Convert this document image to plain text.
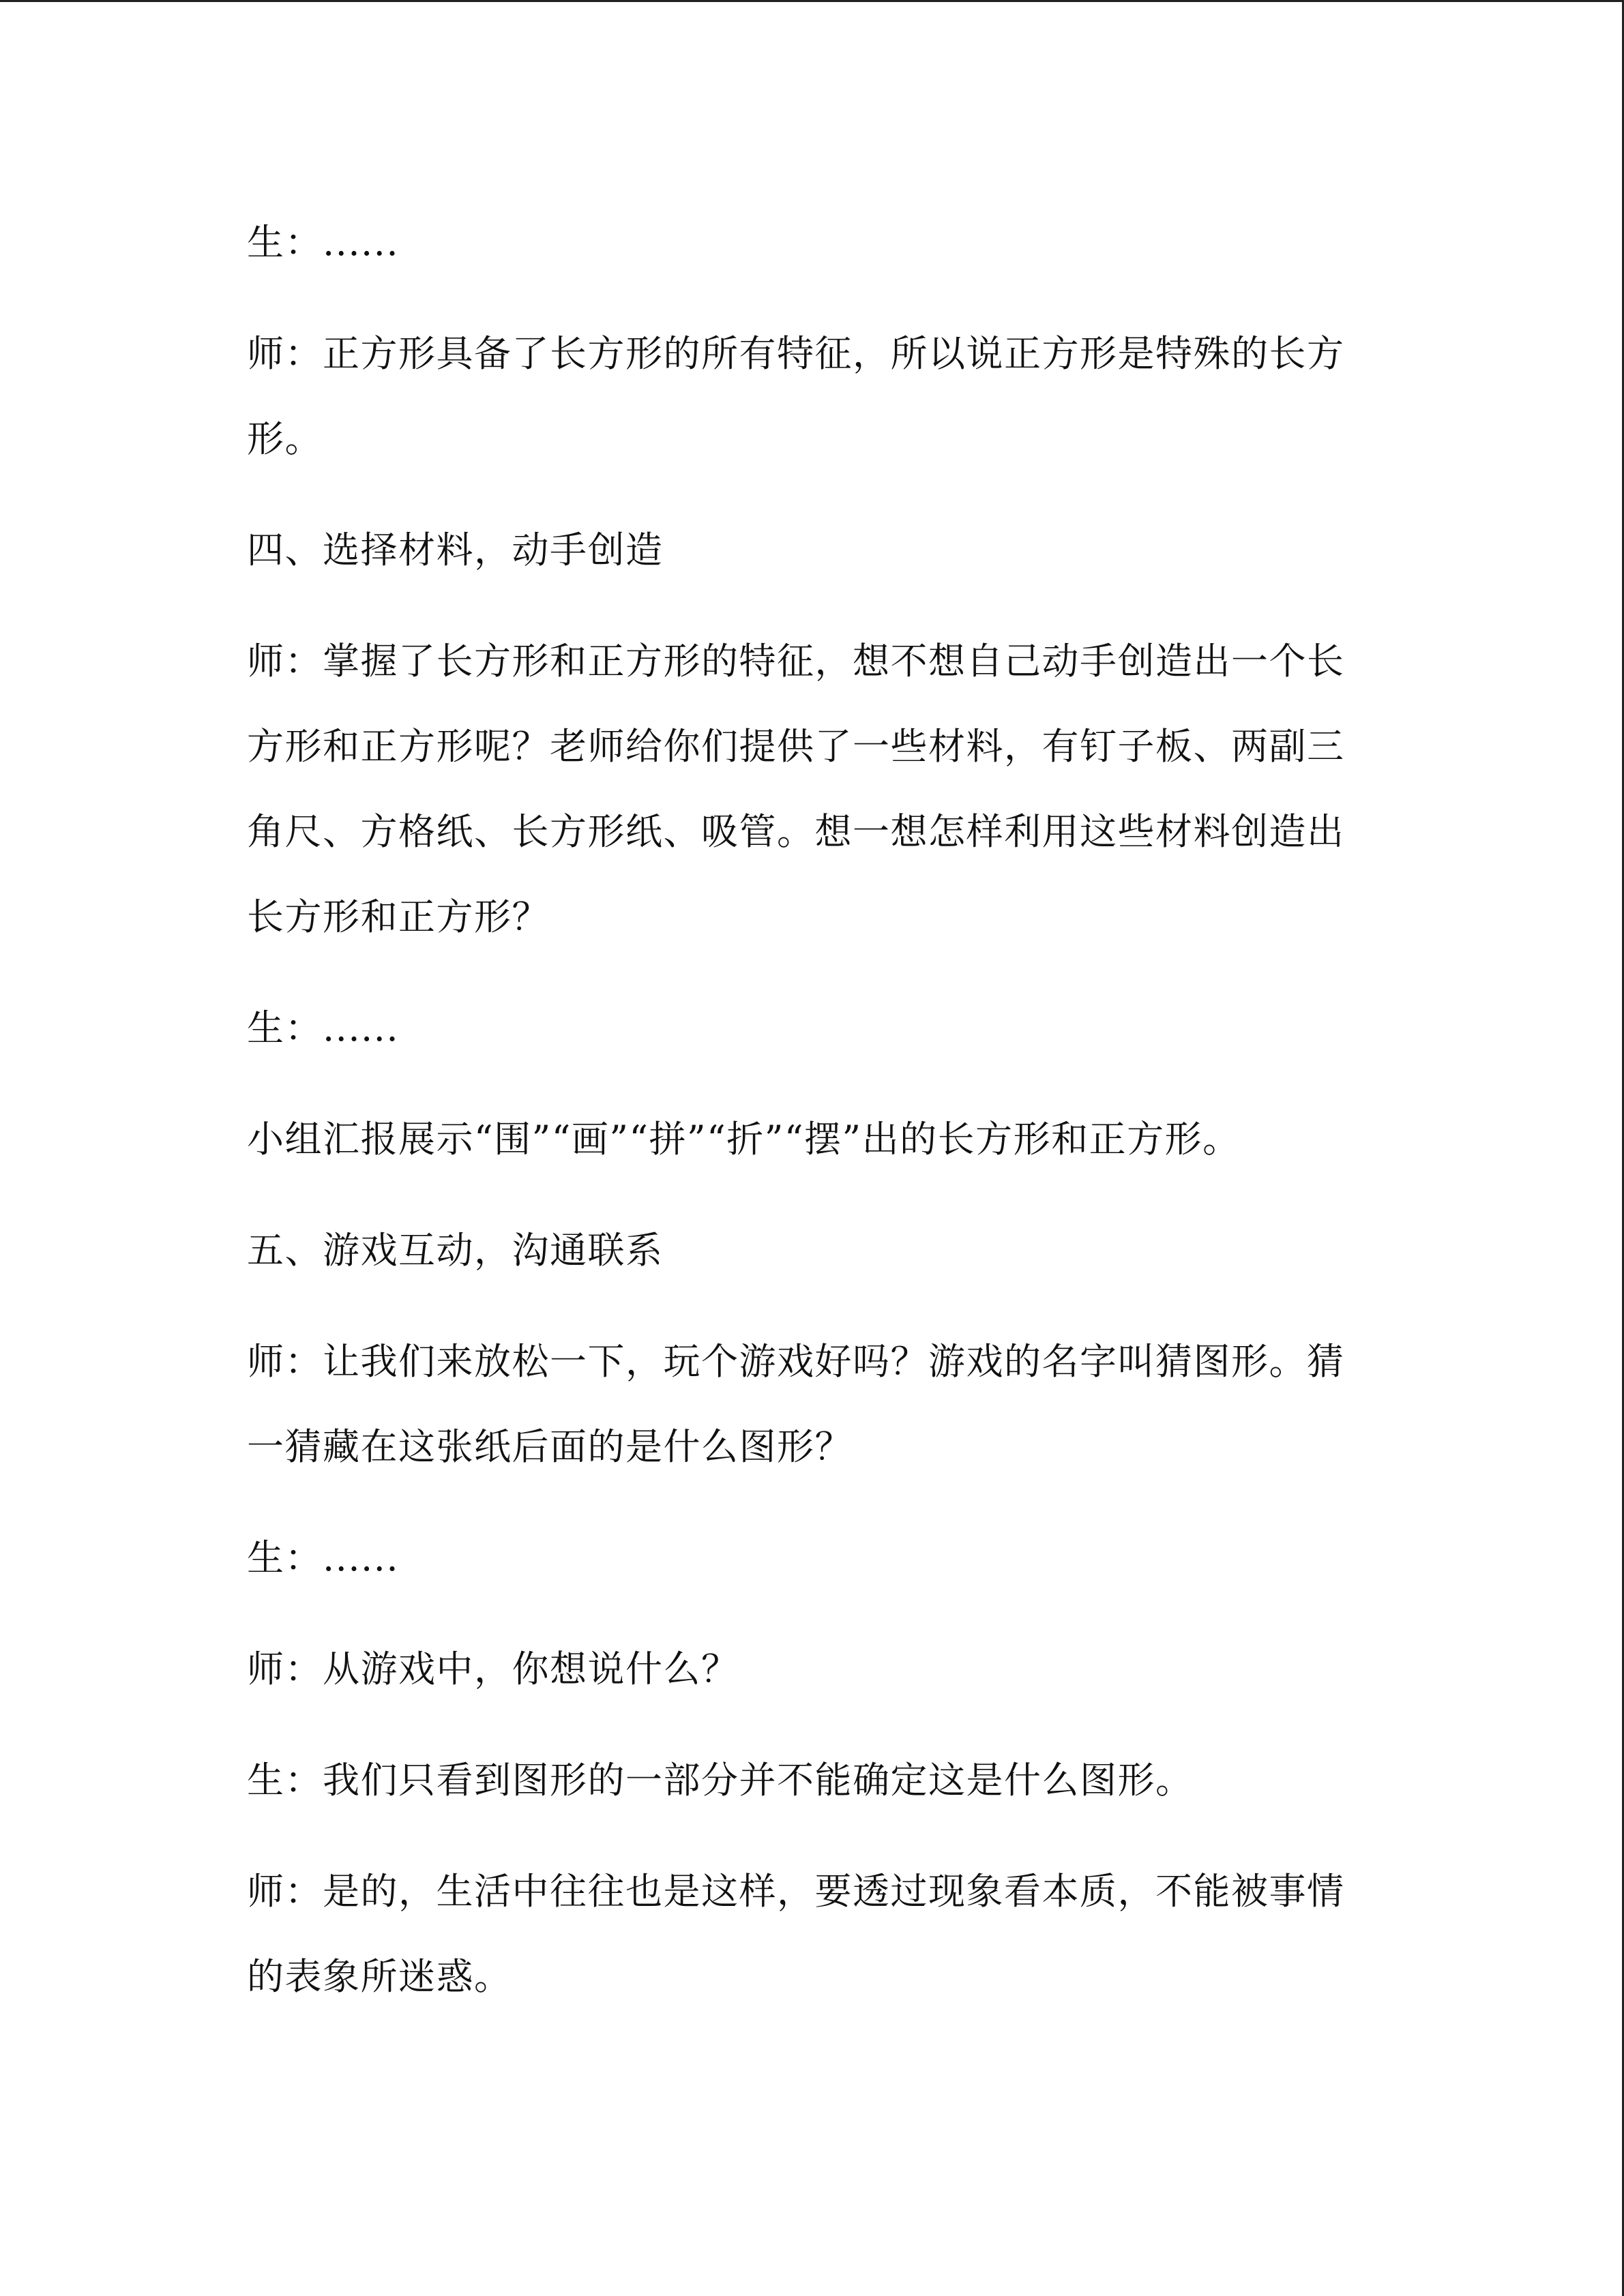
生：......

师：正方形具备了长方形的所有特征，所以说正方形是特殊的长方形。

四、选择材料，动手创造

师：掌握了长方形和正方形的特征，想不想自己动手创造出一个长方形和正方形呢？老师给你们提供了一些材料，有钉子板、两副三角尺、方格纸、长方形纸、吸管。想一想怎样利用这些材料创造出长方形和正方形？

生：......

小组汇报展示“围”“画”“拼”“折”“摆”出的长方形和正方形。

五、游戏互动，沟通联系

师：让我们来放松一下，玩个游戏好吗？游戏的名字叫猜图形。猜一猜藏在这张纸后面的是什么图形？

生：......

师：从游戏中，你想说什么？

生：我们只看到图形的一部分并不能确定这是什么图形。

师：是的，生活中往往也是这样，要透过现象看本质，不能被事情的表象所迷惑。
